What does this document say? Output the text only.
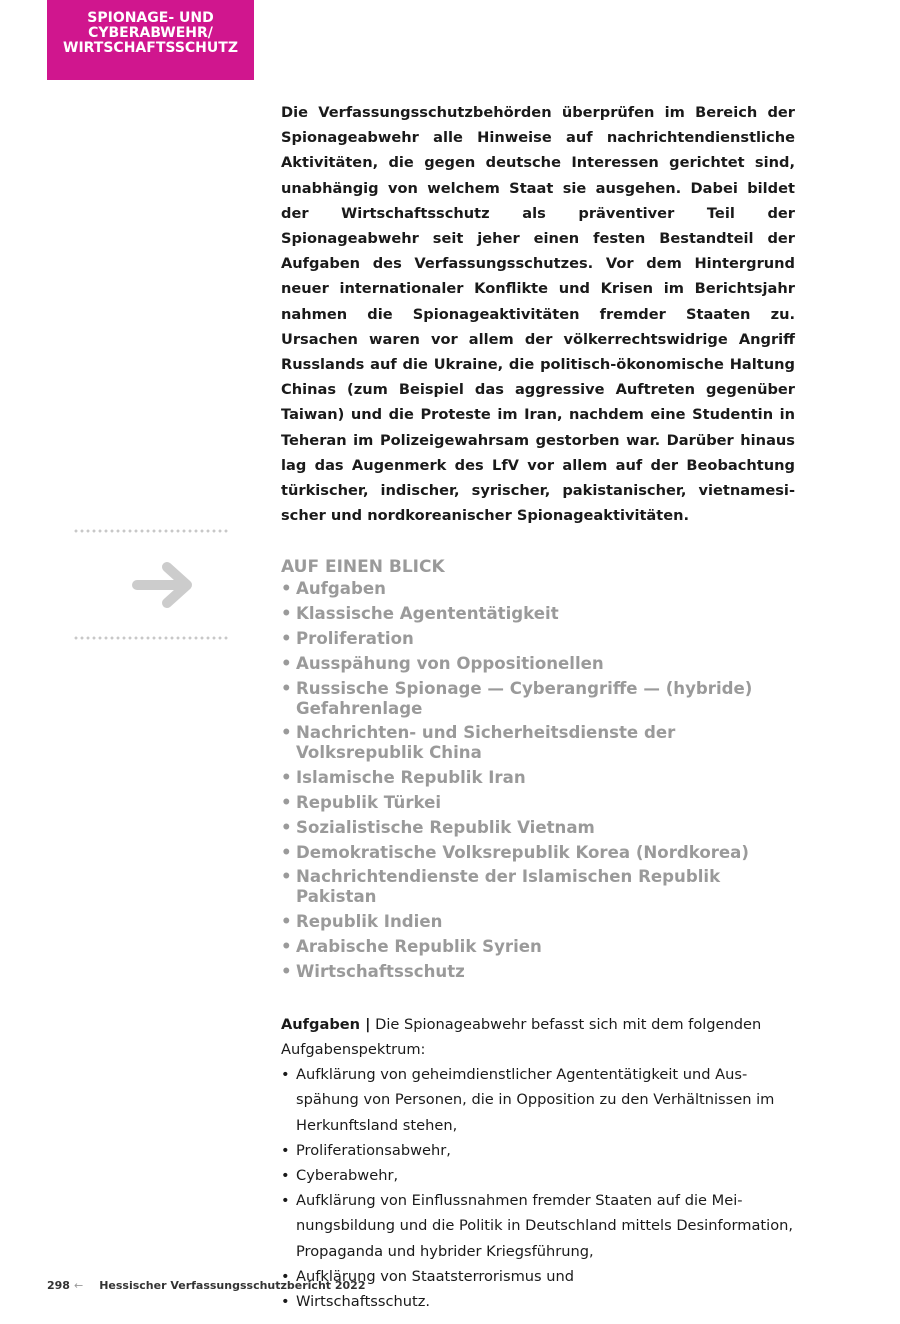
SPIONAGE- UND
CYBERABWEHR/
WIRTSCHAFTSSCHUTZ

Die Verfassungsschutzbehörden überprüfen im Bereich der Spionageabwehr alle Hinweise auf nachrichtendienstliche Aktivitäten, die gegen deutsche Interessen gerichtet sind, unabhängig von welchem Staat sie ausgehen. Dabei bildet der Wirtschaftsschutz als präventiver Teil der Spionageabwehr seit jeher einen festen Bestandteil der Aufgaben des Verfassungsschutzes. Vor dem Hintergrund neuer internationaler Konflikte und Krisen im Berichtsjahr nahmen die Spionageaktivitäten fremder Staaten zu. Ursachen waren vor allem der völkerrechtswidrige Angriff Russlands auf die Ukraine, die politisch-ökonomische Haltung Chinas (zum Beispiel das aggressive Auftreten gegenüber Taiwan) und die Proteste im Iran, nachdem eine Studentin in Teheran im Polizeigewahrsam gestorben war. Darüber hinaus lag das Augenmerk des LfV vor allem auf der Beobachtung türkischer, indischer, syrischer, pakistanischer, vietnamesischer und nordkoreanischer Spionageaktivitäten.

AUF EINEN BLICK

• Aufgaben
• Klassische Agententätigkeit
• Proliferation
• Ausspähung von Oppositionellen
• Russische Spionage — Cyberangriffe — (hybride) Gefahrenlage
• Nachrichten- und Sicherheitsdienste der Volksrepublik China
• Islamische Republik Iran
• Republik Türkei
• Sozialistische Republik Vietnam
• Demokratische Volksrepublik Korea (Nordkorea)
• Nachrichtendienste der Islamischen Republik Pakistan
• Republik Indien
• Arabische Republik Syrien
• Wirtschaftsschutz

Aufgaben | Die Spionageabwehr befasst sich mit dem folgenden Aufgabenspektrum:

• Aufklärung von geheimdienstlicher Agententätigkeit und Ausspähung von Personen, die in Opposition zu den Verhältnissen im Herkunftsland stehen,
• Proliferationsabwehr,
• Cyberabwehr,
• Aufklärung von Einflussnahmen fremder Staaten auf die Meinungsbildung und die Politik in Deutschland mittels Desinformation, Propaganda und hybrider Kriegsführung,
• Aufklärung von Staatsterrorismus und
• Wirtschaftsschutz.
298 ← Hessischer Verfassungsschutzbericht 2022
